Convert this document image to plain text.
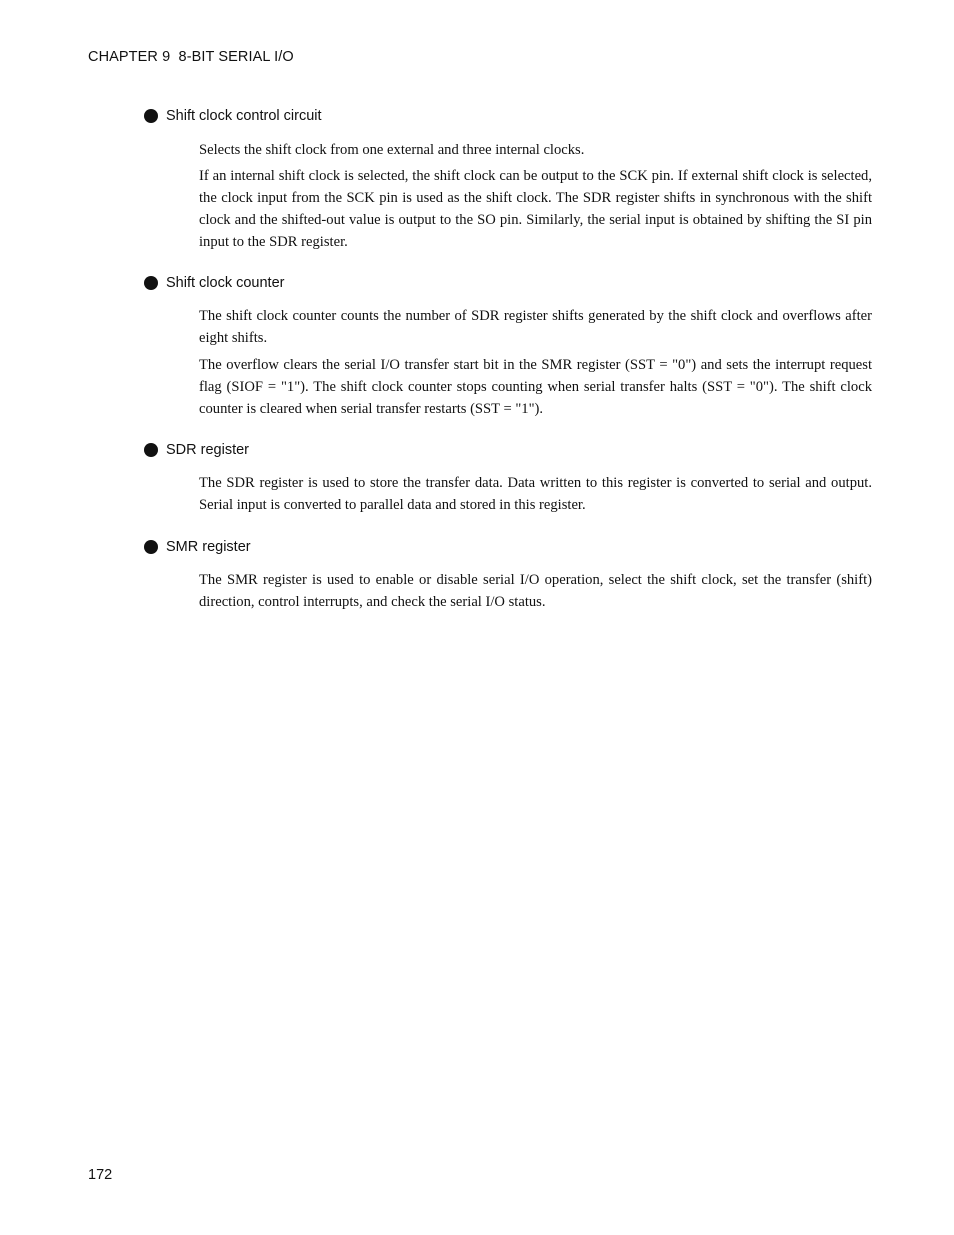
CHAPTER 9  8-BIT SERIAL I/O
Shift clock control circuit

Selects the shift clock from one external and three internal clocks.

If an internal shift clock is selected, the shift clock can be output to the SCK pin. If external shift clock is selected, the clock input from the SCK pin is used as the shift clock. The SDR register shifts in synchronous with the shift clock and the shifted-out value is output to the SO pin. Similarly, the serial input is obtained by shifting the SI pin input to the SDR register.

Shift clock counter

The shift clock counter counts the number of SDR register shifts generated by the shift clock and overflows after eight shifts.

The overflow clears the serial I/O transfer start bit in the SMR register (SST = "0") and sets the interrupt request flag (SIOF = "1"). The shift clock counter stops counting when serial transfer halts (SST = "0"). The shift clock counter is cleared when serial transfer restarts (SST = "1").

SDR register

The SDR register is used to store the transfer data. Data written to this register is converted to serial and output. Serial input is converted to parallel data and stored in this register.

SMR register

The SMR register is used to enable or disable serial I/O operation, select the shift clock, set the transfer (shift) direction, control interrupts, and check the serial I/O status.

172
